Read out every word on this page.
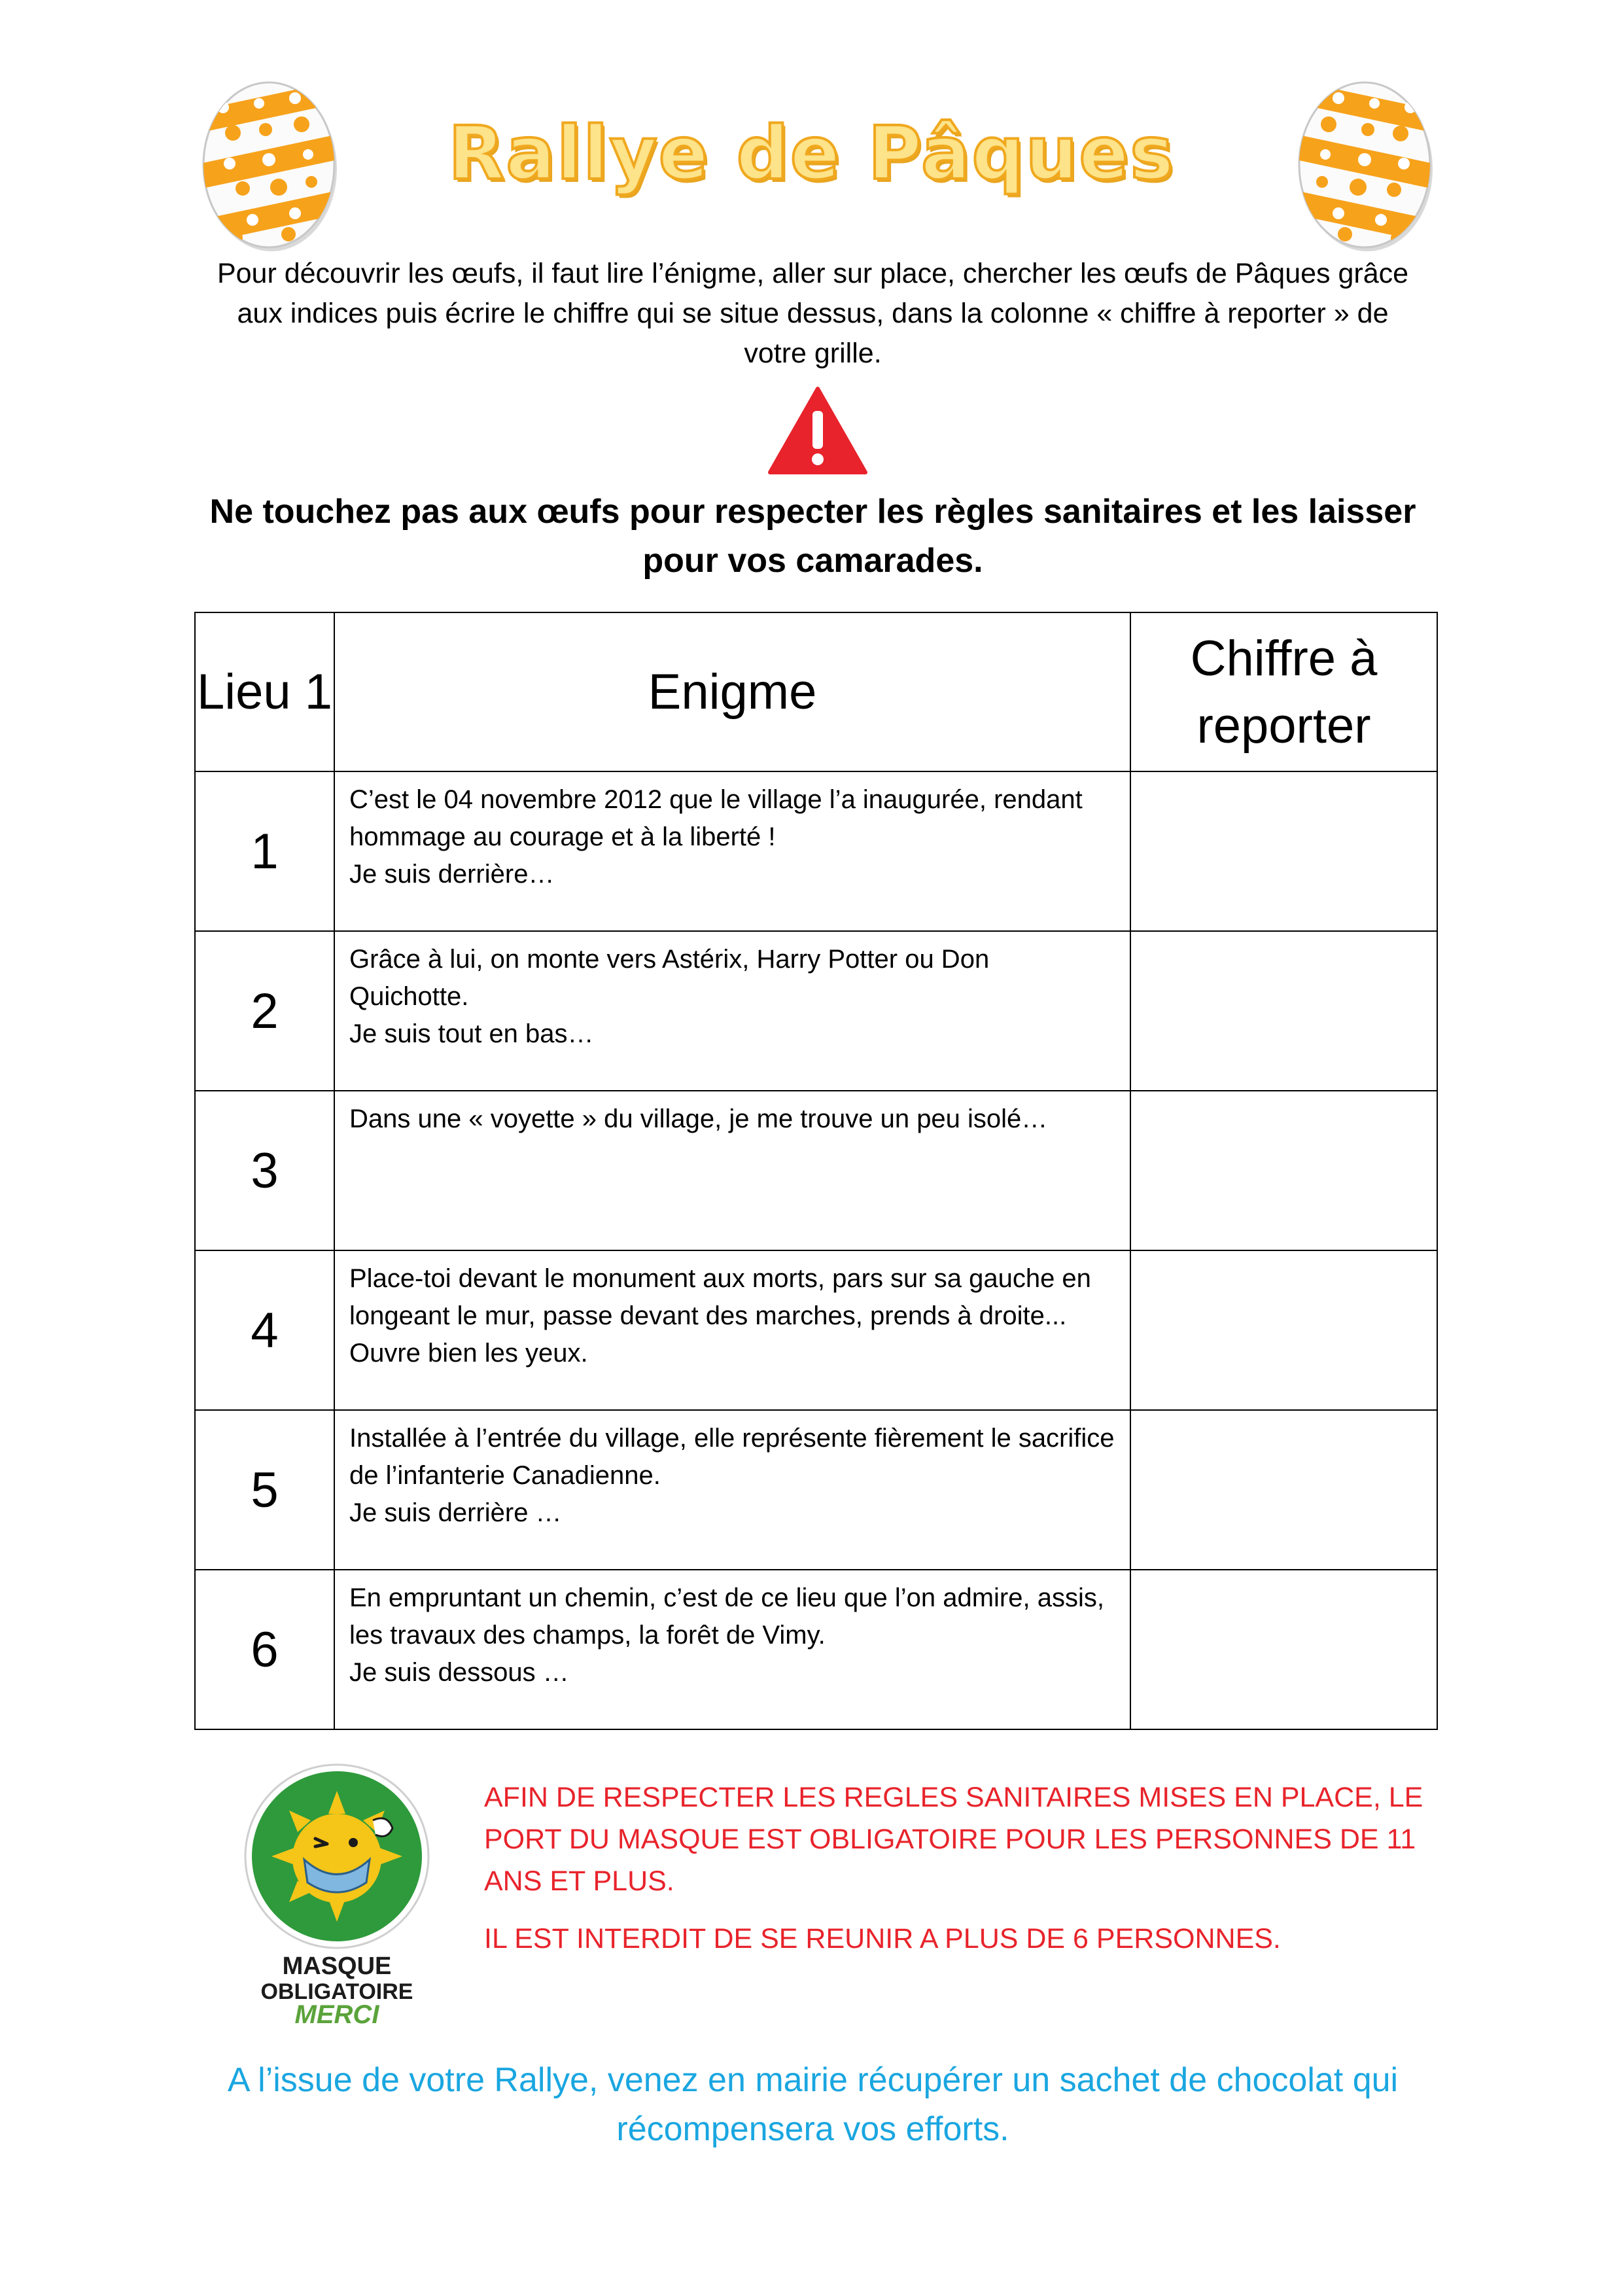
Rallye de Pâques
Pour découvrir les œufs, il faut lire l’énigme, aller sur place, chercher les œufs de Pâques grâce aux indices puis écrire le chiffre qui se situe dessus, dans la colonne « chiffre à reporter » de votre grille.
Ne touchez pas aux œufs pour respecter les règles sanitaires et les laisser pour vos camarades.
Lieu 1	Enigme	Chiffre à reporter
1	C’est le 04 novembre 2012 que le village l’a inaugurée, rendant hommage au courage et à la liberté !
Je suis derrière…	

2	Grâce à lui, on monte vers Astérix, Harry Potter ou Don Quichotte.
Je suis tout en bas…	

3	Dans une « voyette » du village, je me trouve un peu isolé…	

4	Place-toi devant le monument aux morts, pars sur sa gauche en longeant le mur, passe devant des marches, prends à droite...
Ouvre bien les yeux.	

5	Installée à l’entrée du village, elle représente fièrement le sacrifice de l’infanterie Canadienne.
Je suis derrière …	

6	En empruntant un chemin, c’est de ce lieu que l’on admire, assis, les travaux des champs, la forêt de Vimy.
Je suis dessous …	

MASQUE
OBLIGATOIRE
MERCI

AFIN DE RESPECTER LES REGLES SANITAIRES MISES EN PLACE, LE PORT DU MASQUE EST OBLIGATOIRE POUR LES PERSONNES DE 11 ANS ET PLUS.

IL EST INTERDIT DE SE REUNIR A PLUS DE 6 PERSONNES.

A l’issue de votre Rallye, venez en mairie récupérer un sachet de chocolat qui récompensera vos efforts.
